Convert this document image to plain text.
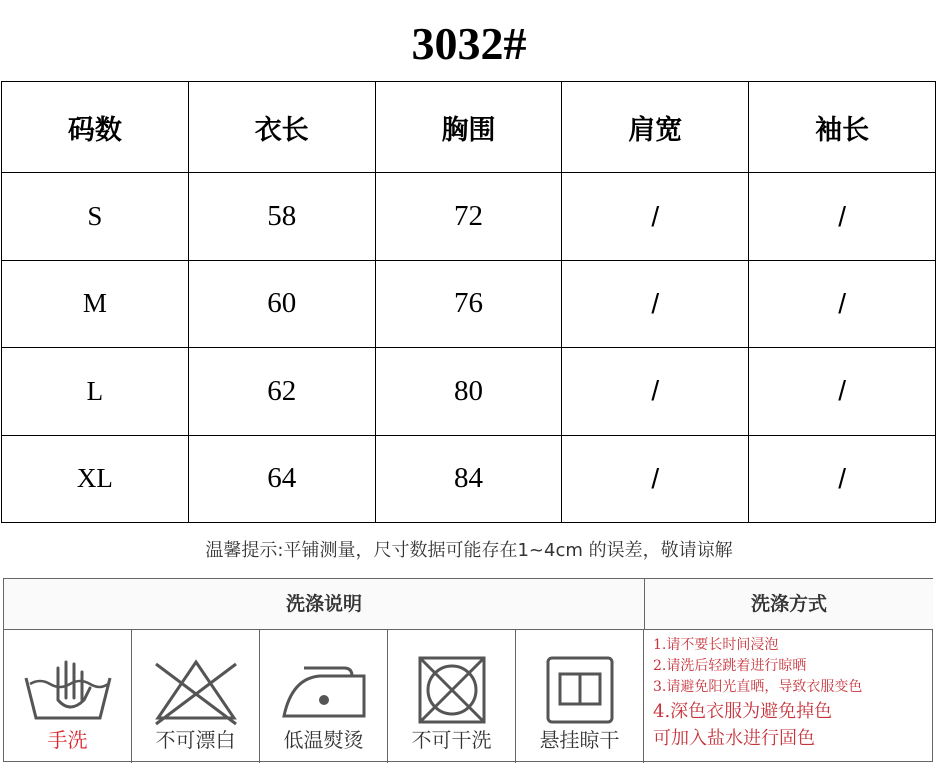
3032#
码数	衣长	胸围	肩宽	袖长
S	58	72	/	/
M	60	76	/	/
L	62	80	/	/
XL	64	84	/	/
温馨提示:平铺测量，尺寸数据可能存在1~4cm 的误差，敬请谅解
洗涤说明	洗涤方式
手洗	不可漂白	低温熨烫	不可干洗	悬挂晾干
1.请不要长时间浸泡
2.请洗后轻跳着进行晾晒
3.请避免阳光直晒，导致衣服变色
4.深色衣服为避免掉色
可加入盐水进行固色
